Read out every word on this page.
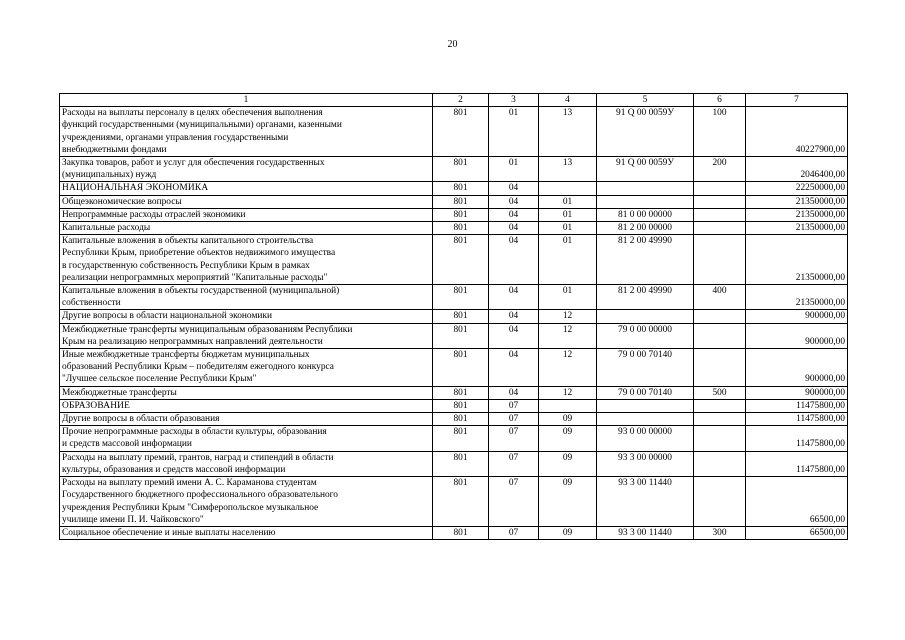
20
1	2	3	4	5	6	7
Расходы на выплаты персоналу в целях обеспечения выполнения
функций государственными (муниципальными) органами, казенными
учреждениями, органами управления государственными
внебюджетными фондами	801	01	13	91 Q 00 0059У	100	40227900,00
Закупка товаров, работ и услуг для обеспечения государственных
(муниципальных) нужд	801	01	13	91 Q 00 0059У	200	2046400,00
НАЦИОНАЛЬНАЯ ЭКОНОМИКА	801	04				22250000,00
Общеэкономические вопросы	801	04	01			21350000,00
Непрограммные расходы отраслей экономики	801	04	01	81 0 00 00000		21350000,00
Капитальные расходы	801	04	01	81 2 00 00000		21350000,00
Капитальные вложения в объекты капитального строительства
Республики Крым, приобретение объектов недвижимого имущества
в государственную собственность Республики Крым в рамках
реализации непрограммных мероприятий "Капитальные расходы"	801	04	01	81 2 00 49990		21350000,00
Капитальные вложения в объекты государственной (муниципальной)
собственности	801	04	01	81 2 00 49990	400	21350000,00
Другие вопросы в области национальной экономики	801	04	12			900000,00
Межбюджетные трансферты муниципальным образованиям Республики
Крым на реализацию непрограммных направлений деятельности	801	04	12	79 0 00 00000		900000,00
Иные межбюджетные трансферты бюджетам муниципальных
образований Республики Крым – победителям ежегодного конкурса
"Лучшее сельское поселение Республики Крым"	801	04	12	79 0 00 70140		900000,00
Межбюджетные трансферты	801	04	12	79 0 00 70140	500	900000,00
ОБРАЗОВАНИЕ	801	07				11475800,00
Другие вопросы в области образования	801	07	09			11475800,00
Прочие непрограммные расходы в области культуры, образования
и средств массовой информации	801	07	09	93 0 00 00000		11475800,00
Расходы на выплату премий, грантов, наград и стипендий в области
культуры, образования и средств массовой информации	801	07	09	93 3 00 00000		11475800,00
Расходы на выплату премий имени А. С. Караманова студентам
Государственного бюджетного профессионального образовательного
учреждения Республики Крым "Симферопольское музыкальное
училище имени П. И. Чайковского"	801	07	09	93 3 00 11440		66500,00
Социальное обеспечение и иные выплаты населению	801	07	09	93 3 00 11440	300	66500,00
